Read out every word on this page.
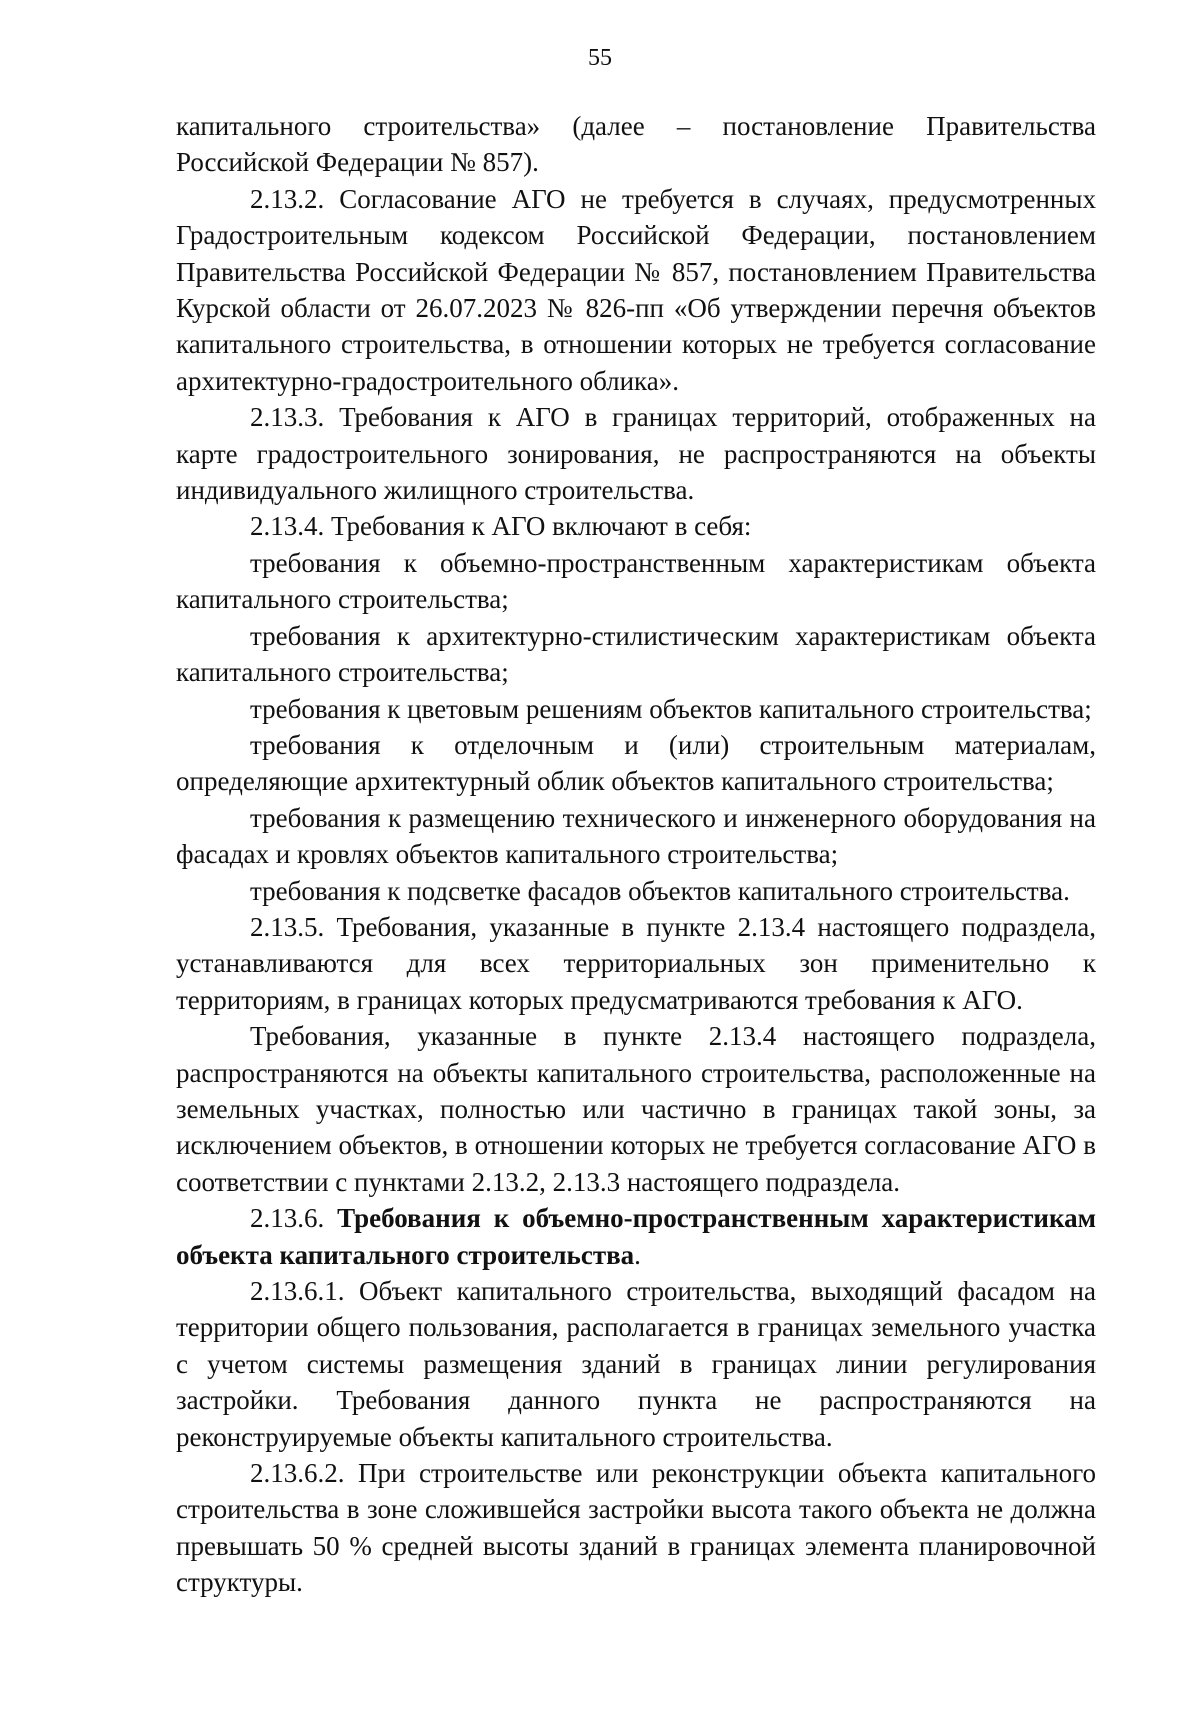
55

капитального строительства» (далее – постановление Правительства Российской Федерации № 857).

2.13.2. Согласование АГО не требуется в случаях, предусмотренных Градостроительным кодексом Российской Федерации, постановлением Правительства Российской Федерации № 857, постановлением Правительства Курской области от 26.07.2023 № 826-пп «Об утверждении перечня объектов капитального строительства, в отношении которых не требуется согласование архитектурно-градостроительного облика».

2.13.3. Требования к АГО в границах территорий, отображенных на карте градостроительного зонирования, не распространяются на объекты индивидуального жилищного строительства.

2.13.4. Требования к АГО включают в себя:

требования к объемно-пространственным характеристикам объекта капитального строительства;

требования к архитектурно-стилистическим характеристикам объекта капитального строительства;

требования к цветовым решениям объектов капитального строительства;

требования к отделочным и (или) строительным материалам, определяющие архитектурный облик объектов капитального строительства;

требования к размещению технического и инженерного оборудования на фасадах и кровлях объектов капитального строительства;

требования к подсветке фасадов объектов капитального строительства.

2.13.5. Требования, указанные в пункте 2.13.4 настоящего подраздела, устанавливаются для всех территориальных зон применительно к территориям, в границах которых предусматриваются требования к АГО.

Требования, указанные в пункте 2.13.4 настоящего подраздела, распространяются на объекты капитального строительства, расположенные на земельных участках, полностью или частично в границах такой зоны, за исключением объектов, в отношении которых не требуется согласование АГО в соответствии с пунктами 2.13.2, 2.13.3 настоящего подраздела.

2.13.6. Требования к объемно-пространственным характеристикам объекта капитального строительства.

2.13.6.1. Объект капитального строительства, выходящий фасадом на территории общего пользования, располагается в границах земельного участка с учетом системы размещения зданий в границах линии регулирования застройки. Требования данного пункта не распространяются на реконструируемые объекты капитального строительства.

2.13.6.2. При строительстве или реконструкции объекта капитального строительства в зоне сложившейся застройки высота такого объекта не должна превышать 50 % средней высоты зданий в границах элемента планировочной структуры.
